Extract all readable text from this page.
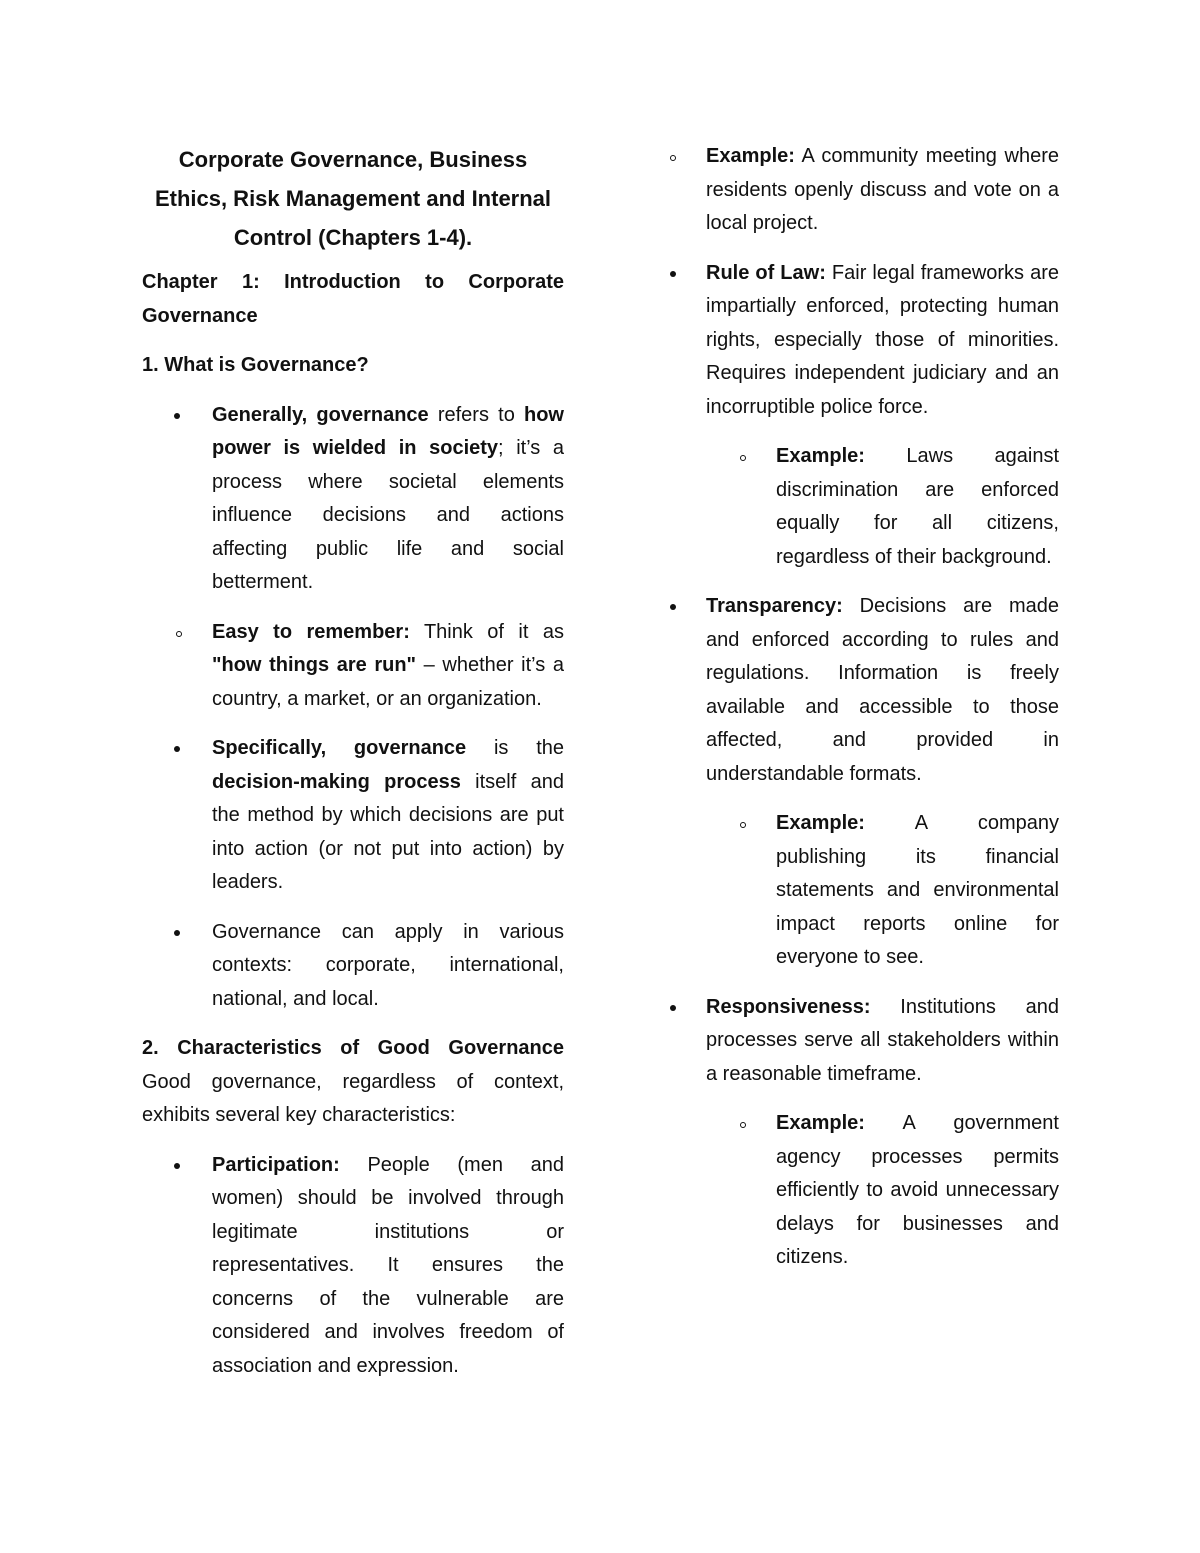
Corporate Governance, Business Ethics, Risk Management and Internal Control (Chapters 1-4).
Chapter 1: Introduction to Corporate Governance
1. What is Governance?
Generally, governance refers to how power is wielded in society; it’s a process where societal elements influence decisions and actions affecting public life and social betterment.
Easy to remember: Think of it as "how things are run" – whether it’s a country, a market, or an organization.
Specifically, governance is the decision-making process itself and the method by which decisions are put into action (or not put into action) by leaders.
Governance can apply in various contexts: corporate, international, national, and local.
2. Characteristics of Good Governance Good governance, regardless of context, exhibits several key characteristics:
Participation: People (men and women) should be involved through legitimate institutions or representatives. It ensures the concerns of the vulnerable are considered and involves freedom of association and expression.
Example: A community meeting where residents openly discuss and vote on a local project.
Rule of Law: Fair legal frameworks are impartially enforced, protecting human rights, especially those of minorities. Requires independent judiciary and an incorruptible police force.
Example: Laws against discrimination are enforced equally for all citizens, regardless of their background.
Transparency: Decisions are made and enforced according to rules and regulations. Information is freely available and accessible to those affected, and provided in understandable formats.
Example: A company publishing its financial statements and environmental impact reports online for everyone to see.
Responsiveness: Institutions and processes serve all stakeholders within a reasonable timeframe.
Example: A government agency processes permits efficiently to avoid unnecessary delays for businesses and citizens.
